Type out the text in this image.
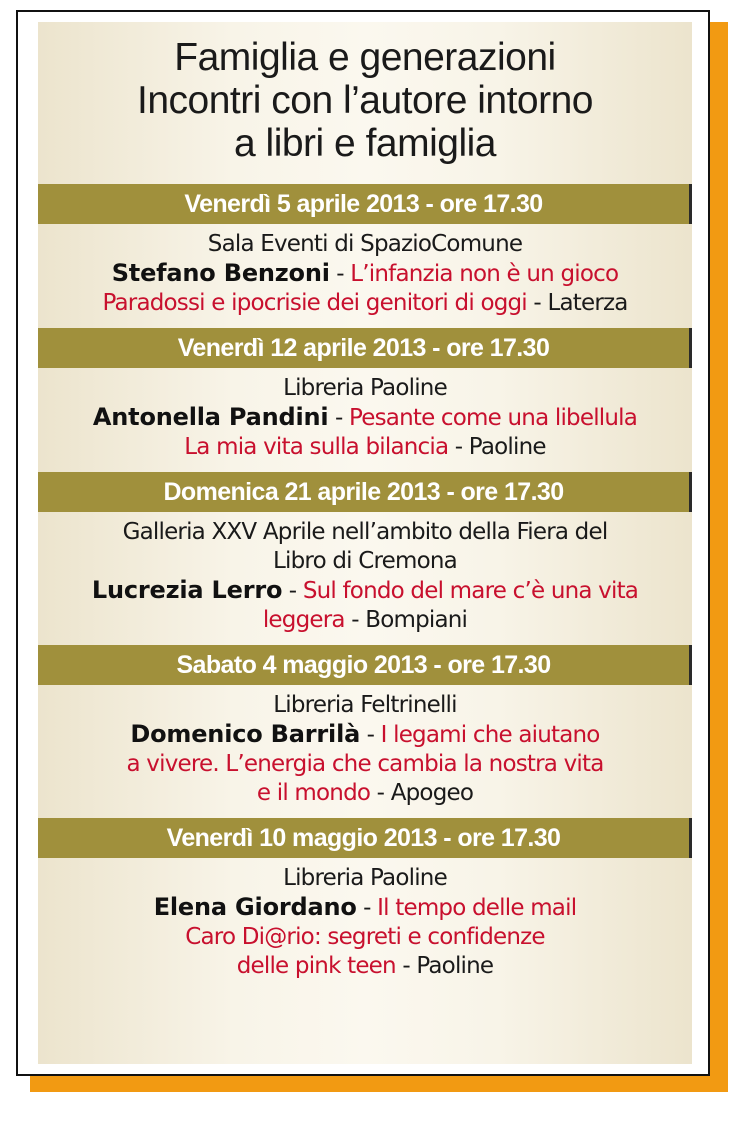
Famiglia e generazioni
Incontri con l’autore intorno
a libri e famiglia
Venerdì 5 aprile 2013 - ore 17.30
Sala Eventi di SpazioComune
Stefano Benzoni - L’infanzia non è un gioco
Paradossi e ipocrisie dei genitori di oggi - Laterza
Venerdì 12 aprile 2013 - ore 17.30
Libreria Paoline
Antonella Pandini - Pesante come una libellula
La mia vita sulla bilancia - Paoline
Domenica 21 aprile 2013 - ore 17.30
Galleria XXV Aprile nell’ambito della Fiera del
Libro di Cremona
Lucrezia Lerro - Sul fondo del mare c’è una vita
leggera - Bompiani
Sabato 4 maggio 2013 - ore 17.30
Libreria Feltrinelli
Domenico Barrilà - I legami che aiutano
a vivere. L’energia che cambia la nostra vita
e il mondo - Apogeo
Venerdì 10 maggio 2013 - ore 17.30
Libreria Paoline
Elena Giordano - Il tempo delle mail
Caro Di@rio: segreti e confidenze
delle pink teen - Paoline
